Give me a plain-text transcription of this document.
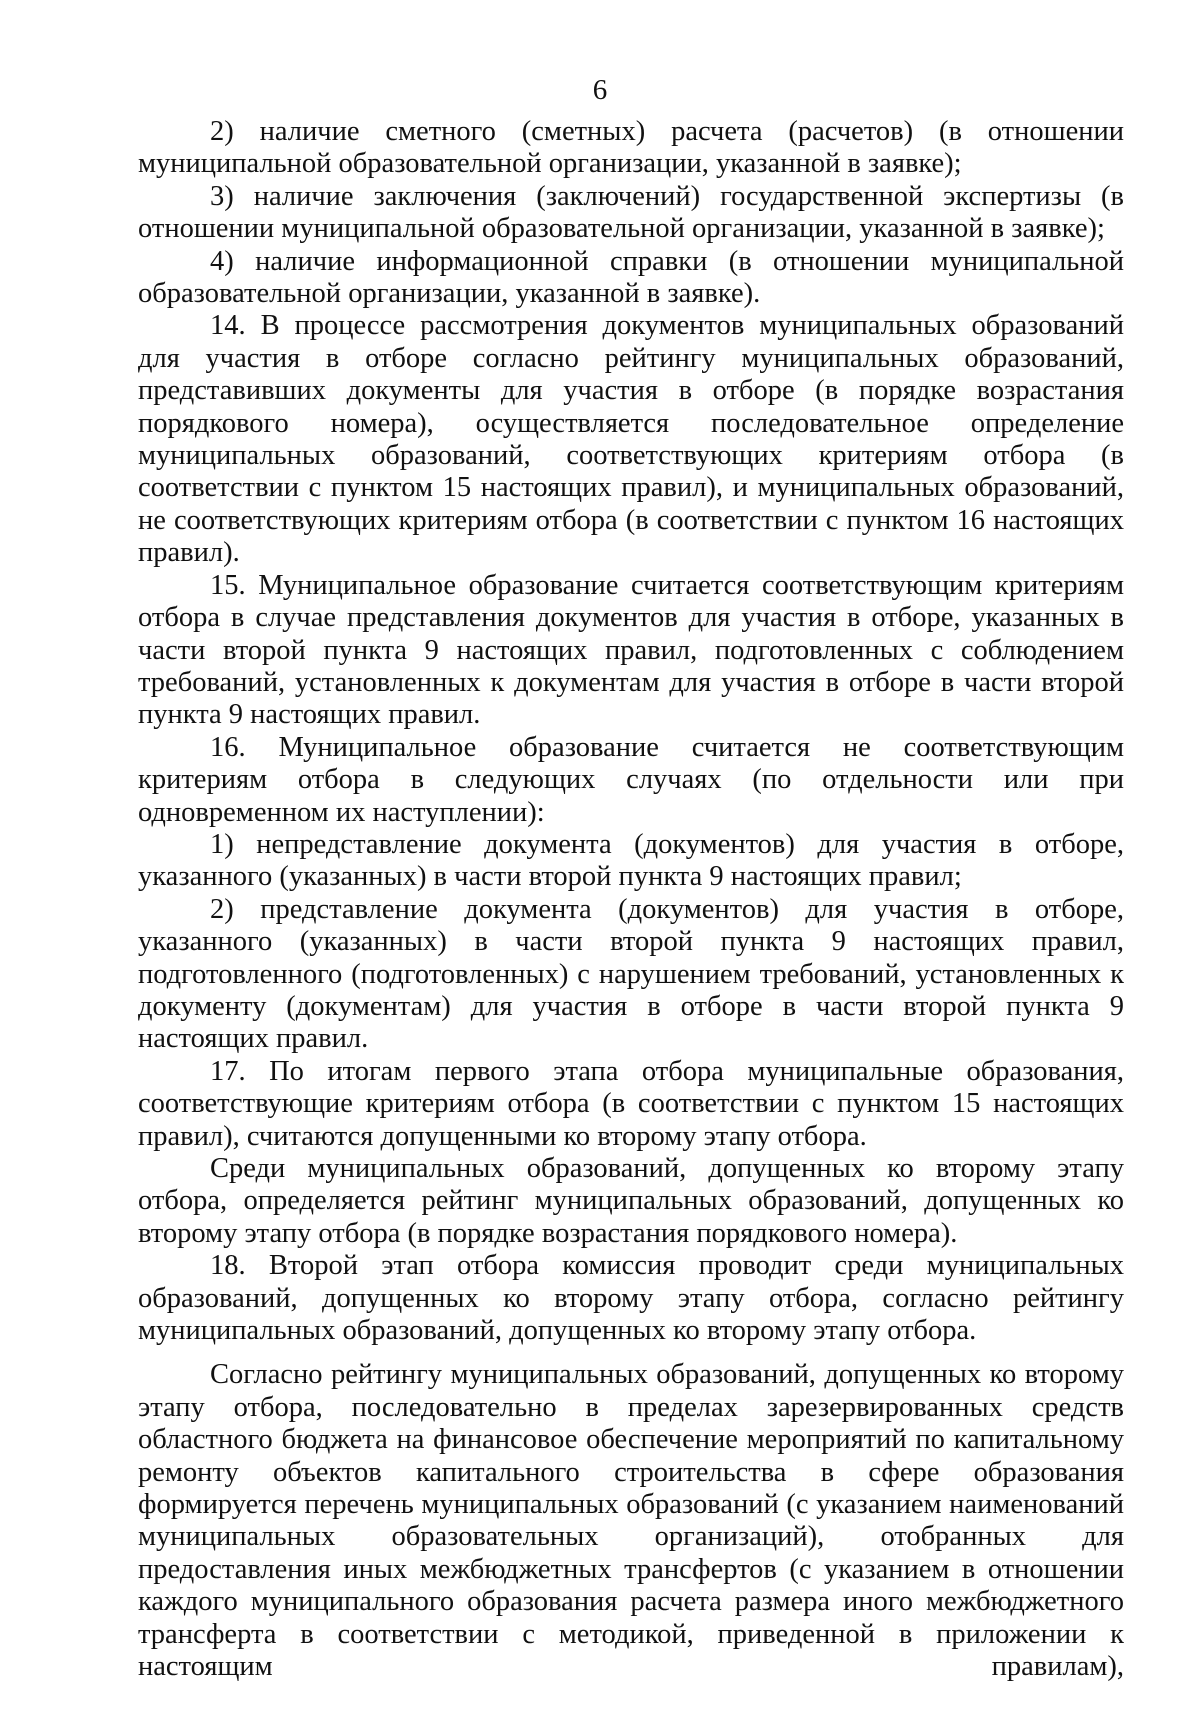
6

2) наличие сметного (сметных) расчета (расчетов) (в отношении муниципальной образовательной организации, указанной в заявке);

3) наличие заключения (заключений) государственной экспертизы (в отношении муниципальной образовательной организации, указанной в заявке);

4) наличие информационной справки (в отношении муниципальной образовательной организации, указанной в заявке).

14. В процессе рассмотрения документов муниципальных образований для участия в отборе согласно рейтингу муниципальных образований, представивших документы для участия в отборе (в порядке возрастания порядкового номера), осуществляется последовательное определение муниципальных образований, соответствующих критериям отбора (в соответствии с пунктом 15 настоящих правил), и муниципальных образований, не соответствующих критериям отбора (в соответствии с пунктом 16 настоящих правил).

15. Муниципальное образование считается соответствующим критериям отбора в случае представления документов для участия в отборе, указанных в части второй пункта 9 настоящих правил, подготовленных с соблюдением требований, установленных к документам для участия в отборе в части второй пункта 9 настоящих правил.

16. Муниципальное образование считается не соответствующим критериям отбора в следующих случаях (по отдельности или при одновременном их наступлении):

1) непредставление документа (документов) для участия в отборе, указанного (указанных) в части второй пункта 9 настоящих правил;

2) представление документа (документов) для участия в отборе, указанного (указанных) в части второй пункта 9 настоящих правил, подготовленного (подготовленных) с нарушением требований, установленных к документу (документам) для участия в отборе в части второй пункта 9 настоящих правил.

17. По итогам первого этапа отбора муниципальные образования, соответствующие критериям отбора (в соответствии с пунктом 15 настоящих правил), считаются допущенными ко второму этапу отбора.

Среди муниципальных образований, допущенных ко второму этапу отбора, определяется рейтинг муниципальных образований, допущенных ко второму этапу отбора (в порядке возрастания порядкового номера).

18. Второй этап отбора комиссия проводит среди муниципальных образований, допущенных ко второму этапу отбора, согласно рейтингу муниципальных образований, допущенных ко второму этапу отбора.

Согласно рейтингу муниципальных образований, допущенных ко второму этапу отбора, последовательно в пределах зарезервированных средств областного бюджета на финансовое обеспечение мероприятий по капитальному ремонту объектов капитального строительства в сфере образования формируется перечень муниципальных образований (с указанием наименований муниципальных образовательных организаций), отобранных для предоставления иных межбюджетных трансфертов (с указанием в отношении каждого муниципального образования расчета размера иного межбюджетного трансферта в соответствии с методикой, приведенной в приложении к настоящим правилам),
